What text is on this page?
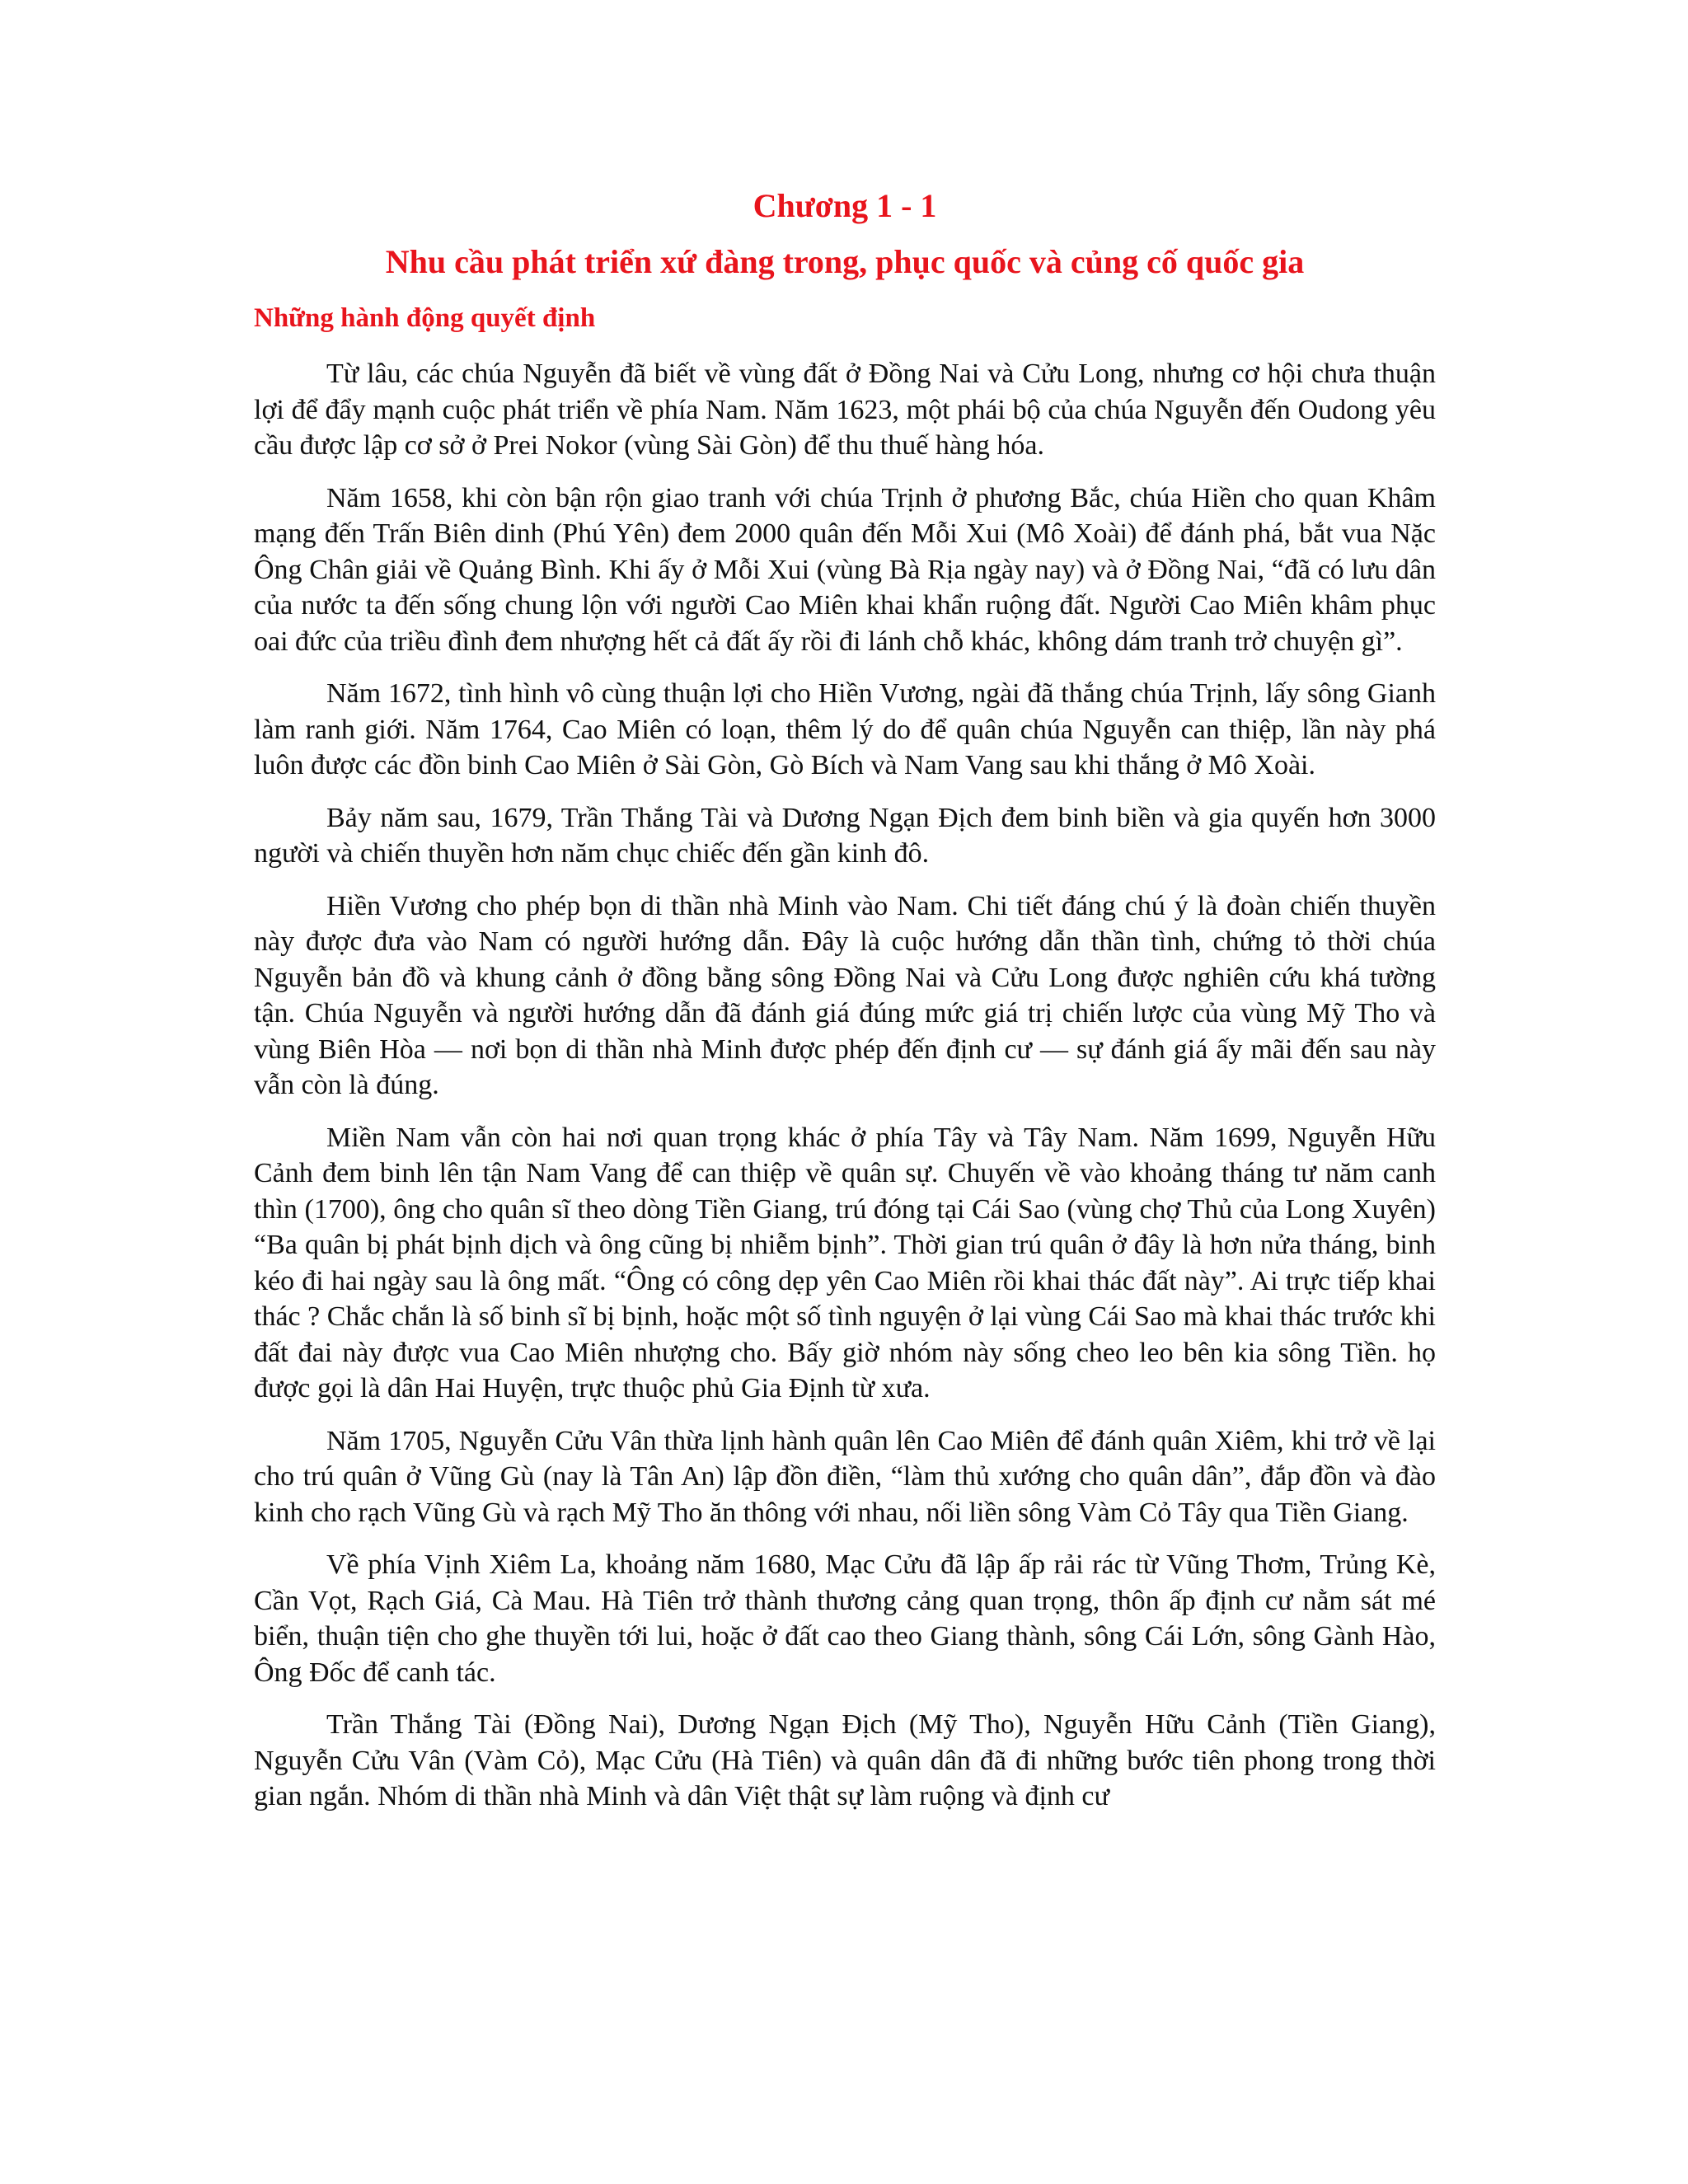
Chương 1 - 1
Nhu cầu phát triển xứ đàng trong, phục quốc và củng cố quốc gia
Những hành động quyết định

Từ lâu, các chúa Nguyễn đã biết về vùng đất ở Đồng Nai và Cửu Long, nhưng cơ hội chưa thuận lợi để đẩy mạnh cuộc phát triển về phía Nam. Năm 1623, một phái bộ của chúa Nguyễn đến Oudong yêu cầu được lập cơ sở ở Prei Nokor (vùng Sài Gòn) để thu thuế hàng hóa.

Năm 1658, khi còn bận rộn giao tranh với chúa Trịnh ở phương Bắc, chúa Hiền cho quan Khâm mạng đến Trấn Biên dinh (Phú Yên) đem 2000 quân đến Mỗi Xui (Mô Xoài) để đánh phá, bắt vua Nặc Ông Chân giải về Quảng Bình. Khi ấy ở Mỗi Xui (vùng Bà Rịa ngày nay) và ở Đồng Nai, “đã có lưu dân của nước ta đến sống chung lộn với người Cao Miên khai khẩn ruộng đất. Người Cao Miên khâm phục oai đức của triều đình đem nhượng hết cả đất ấy rồi đi lánh chỗ khác, không dám tranh trở chuyện gì”.

Năm 1672, tình hình vô cùng thuận lợi cho Hiền Vương, ngài đã thắng chúa Trịnh, lấy sông Gianh làm ranh giới. Năm 1764, Cao Miên có loạn, thêm lý do để quân chúa Nguyễn can thiệp, lần này phá luôn được các đồn binh Cao Miên ở Sài Gòn, Gò Bích và Nam Vang sau khi thắng ở Mô Xoài.

Bảy năm sau, 1679, Trần Thắng Tài và Dương Ngạn Địch đem binh biền và gia quyến hơn 3000 người và chiến thuyền hơn năm chục chiếc đến gần kinh đô.

Hiền Vương cho phép bọn di thần nhà Minh vào Nam. Chi tiết đáng chú ý là đoàn chiến thuyền này được đưa vào Nam có người hướng dẫn. Đây là cuộc hướng dẫn thần tình, chứng tỏ thời chúa Nguyễn bản đồ và khung cảnh ở đồng bằng sông Đồng Nai và Cửu Long được nghiên cứu khá tường tận. Chúa Nguyễn và người hướng dẫn đã đánh giá đúng mức giá trị chiến lược của vùng Mỹ Tho và vùng Biên Hòa — nơi bọn di thần nhà Minh được phép đến định cư — sự đánh giá ấy mãi đến sau này vẫn còn là đúng.

Miền Nam vẫn còn hai nơi quan trọng khác ở phía Tây và Tây Nam. Năm 1699, Nguyễn Hữu Cảnh đem binh lên tận Nam Vang để can thiệp về quân sự. Chuyến về vào khoảng tháng tư năm canh thìn (1700), ông cho quân sĩ theo dòng Tiền Giang, trú đóng tại Cái Sao (vùng chợ Thủ của Long Xuyên) “Ba quân bị phát bịnh dịch và ông cũng bị nhiễm bịnh”. Thời gian trú quân ở đây là hơn nửa tháng, binh kéo đi hai ngày sau là ông mất. “Ông có công dẹp yên Cao Miên rồi khai thác đất này”. Ai trực tiếp khai thác ? Chắc chắn là số binh sĩ bị bịnh, hoặc một số tình nguyện ở lại vùng Cái Sao mà khai thác trước khi đất đai này được vua Cao Miên nhượng cho. Bấy giờ nhóm này sống cheo leo bên kia sông Tiền. họ được gọi là dân Hai Huyện, trực thuộc phủ Gia Định từ xưa.

Năm 1705, Nguyễn Cửu Vân thừa lịnh hành quân lên Cao Miên để đánh quân Xiêm, khi trở về lại cho trú quân ở Vũng Gù (nay là Tân An) lập đồn điền, “làm thủ xướng cho quân dân”, đắp đồn và đào kinh cho rạch Vũng Gù và rạch Mỹ Tho ăn thông với nhau, nối liền sông Vàm Cỏ Tây qua Tiền Giang.

Về phía Vịnh Xiêm La, khoảng năm 1680, Mạc Cửu đã lập ấp rải rác từ Vũng Thơm, Trủng Kè, Cần Vọt, Rạch Giá, Cà Mau. Hà Tiên trở thành thương cảng quan trọng, thôn ấp định cư nằm sát mé biển, thuận tiện cho ghe thuyền tới lui, hoặc ở đất cao theo Giang thành, sông Cái Lớn, sông Gành Hào, Ông Đốc để canh tác.

Trần Thắng Tài (Đồng Nai), Dương Ngạn Địch (Mỹ Tho), Nguyễn Hữu Cảnh (Tiền Giang), Nguyễn Cửu Vân (Vàm Cỏ), Mạc Cửu (Hà Tiên) và quân dân đã đi những bước tiên phong trong thời gian ngắn. Nhóm di thần nhà Minh và dân Việt thật sự làm ruộng và định cư
